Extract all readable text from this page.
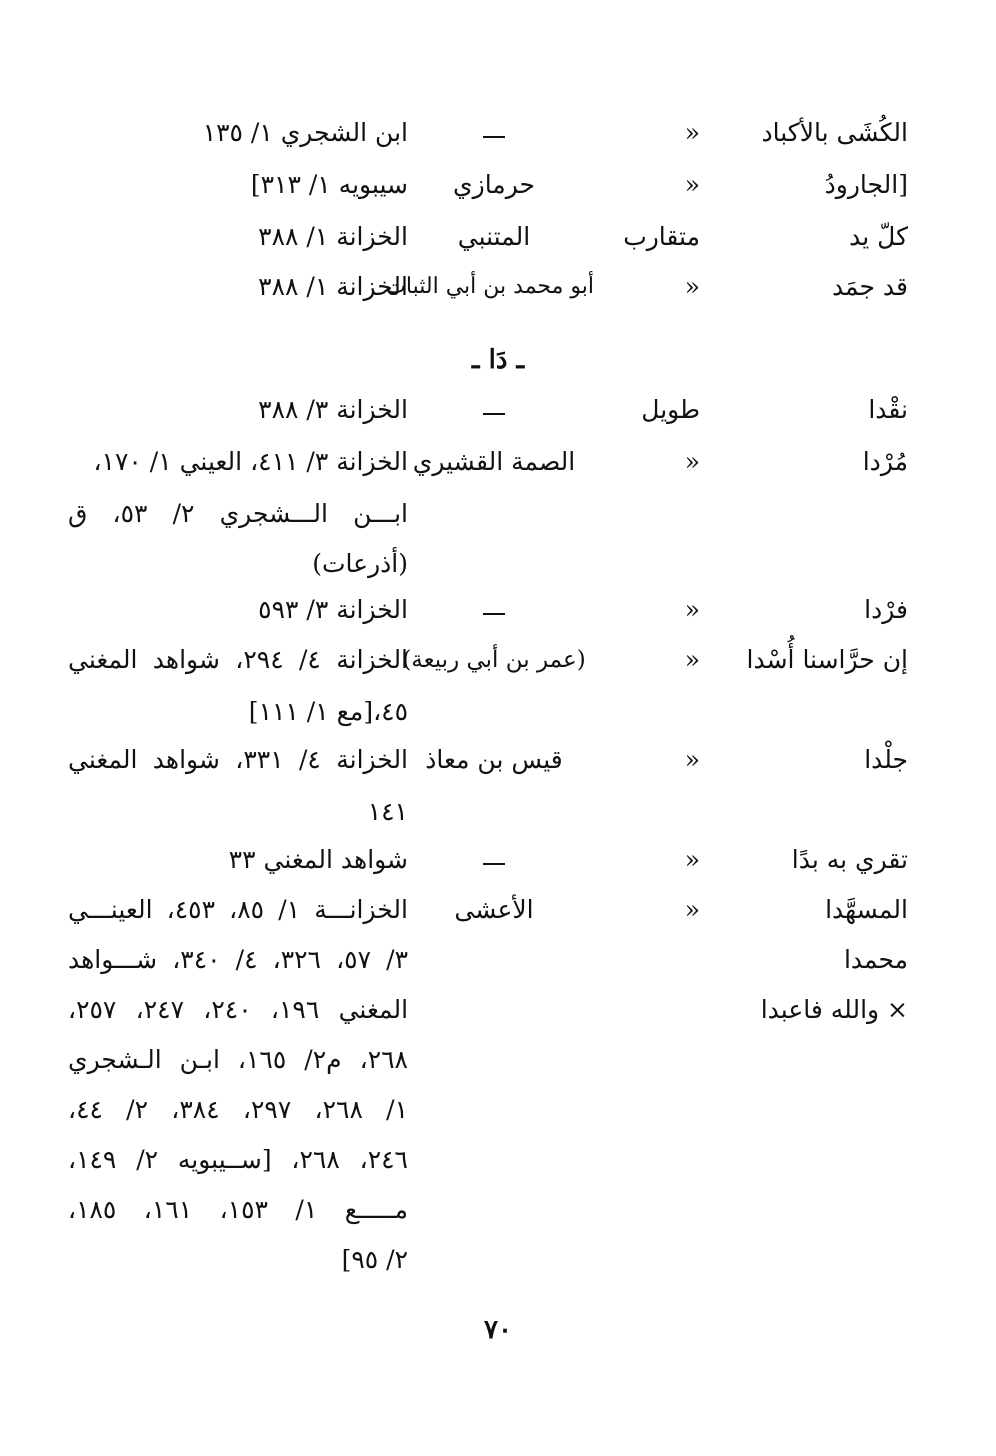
الكُشَى بالأكباد
«
ابن الشجري ١/ ١٣٥
[الجارودُ
«
حرمازي
سيبويه ١/ ٣١٣]
كلّ يد
متقارب
المتنبي
الخزانة ١/ ٣٨٨
قد جمَد
«
أبو محمد بن أبي الثبات
الخزانة ١/ ٣٨٨
ـ دَا ـ
نقْدا
طويل
الخزانة ٣/ ٣٨٨
مُرْدا
«
الصمة القشيري
الخزانة ٣/ ٤١١، العيني ١/ ١٧٠،
ابـــن الـــشجري ٢/ ٥٣، ق
(أذرعات)
فرْدا
«
الخزانة ٣/ ٥٩٣
إن حرَّاسنا أُسْدا
«
(عمر بن أبي ربيعة)
الخزانة ٤/ ٢٩٤، شواهد المغني
٤٥،[مع ١/ ١١١]
جلْدا
«
قيس بن معاذ
الخزانة ٤/ ٣٣١، شواهد المغني
١٤١
تقري به بدًا
«
شواهد المغني ٣٣
المسهَّدا
«
الأعشى
الخزانـــة ١/ ٨٥، ٤٥٣، العينـــي
محمدا
٣/ ٥٧، ٣٢٦، ٤/ ٣٤٠، شـــواهد
× والله فاعبدا
المغني ١٩٦، ٢٤٠، ٢٤٧، ٢٥٧،
٢٦٨، م٢/ ١٦٥، ابـن الـشجري
١/ ٢٦٨، ٢٩٧، ٣٨٤، ٢/ ٤٤،
٢٤٦، ٢٦٨، [ســيبويه ٢/ ١٤٩،
مـــــع ١/ ١٥٣، ١٦١، ١٨٥،
٢/ ٩٥]
٧٠
